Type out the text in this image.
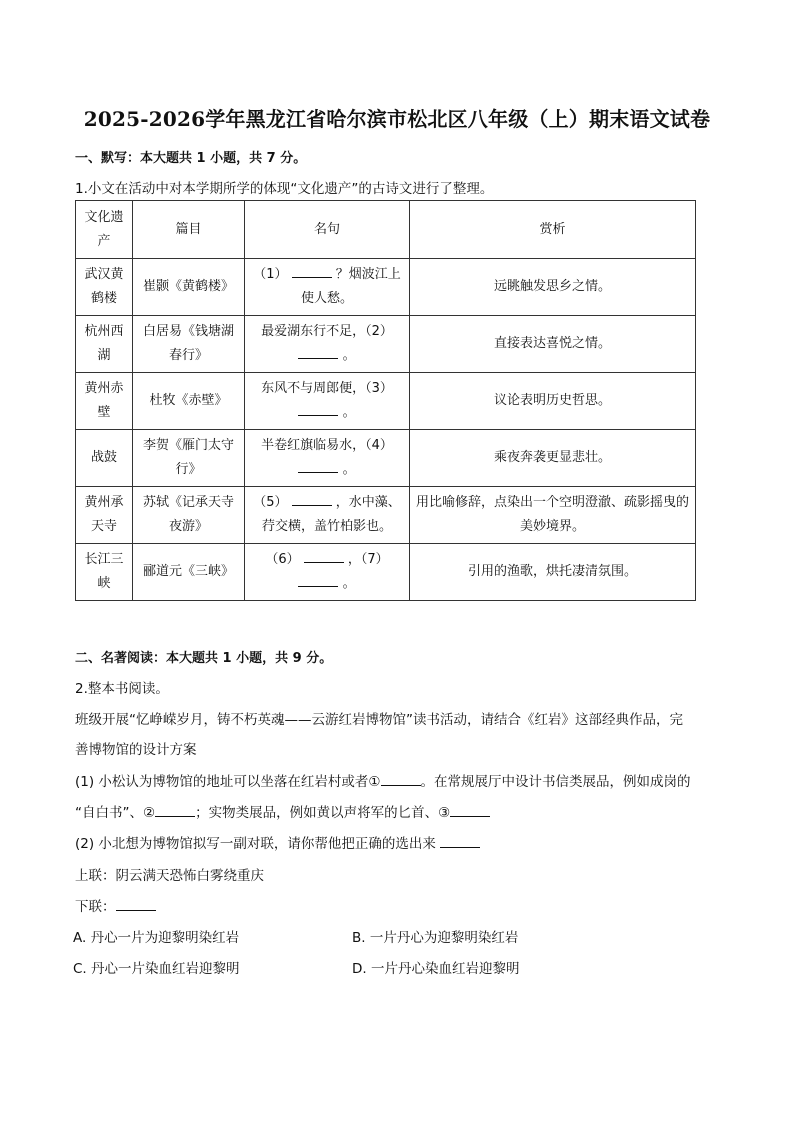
2025-2026学年黑龙江省哈尔滨市松北区八年级（上）期末语文试卷
一、默写：本大题共 1 小题，共 7 分。
1.小文在活动中对本学期所学的体现“文化遗产”的古诗文进行了整理。
文化遗产	篇目	名句	赏析
武汉黄鹤楼	崔颢《黄鹤楼》	（1） ？烟波江上使人愁。	远眺触发思乡之情。
杭州西湖	白居易《钱塘湖春行》	最爱湖东行不足，（2）  。	直接表达喜悦之情。
黄州赤壁	杜牧《赤壁》	东风不与周郎便，（3）  。	议论表明历史哲思。
战鼓	李贺《雁门太守行》	半卷红旗临易水，（4）  。	乘夜奔袭更显悲壮。
黄州承天寺	苏轼《记承天寺夜游》	（5） ，水中藻、荇交横，盖竹柏影也。	用比喻修辞，点染出一个空明澄澈、疏影摇曳的美妙境界。
长江三峡	郦道元《三峡》	（6） ，（7）  。	引用的渔歌，烘托凄清氛围。
二、名著阅读：本大题共 1 小题，共 9 分。
2.整本书阅读。
班级开展“忆峥嵘岁月，铸不朽英魂——云游红岩博物馆”读书活动，请结合《红岩》这部经典作品，完
善博物馆的设计方案
(1) 小松认为博物馆的地址可以坐落在红岩村或者①	。在常规展厅中设计书信类展品，例如成岗的
“自白书”、②	；实物类展品，例如黄以声将军的匕首、③
(2) 小北想为博物馆拟写一副对联，请你帮他把正确的选出来
上联：阴云满天恐怖白雾绕重庆
下联：
A. 丹心一片为迎黎明染红岩	B. 一片丹心为迎黎明染红岩
C. 丹心一片染血红岩迎黎明	D. 一片丹心染血红岩迎黎明
